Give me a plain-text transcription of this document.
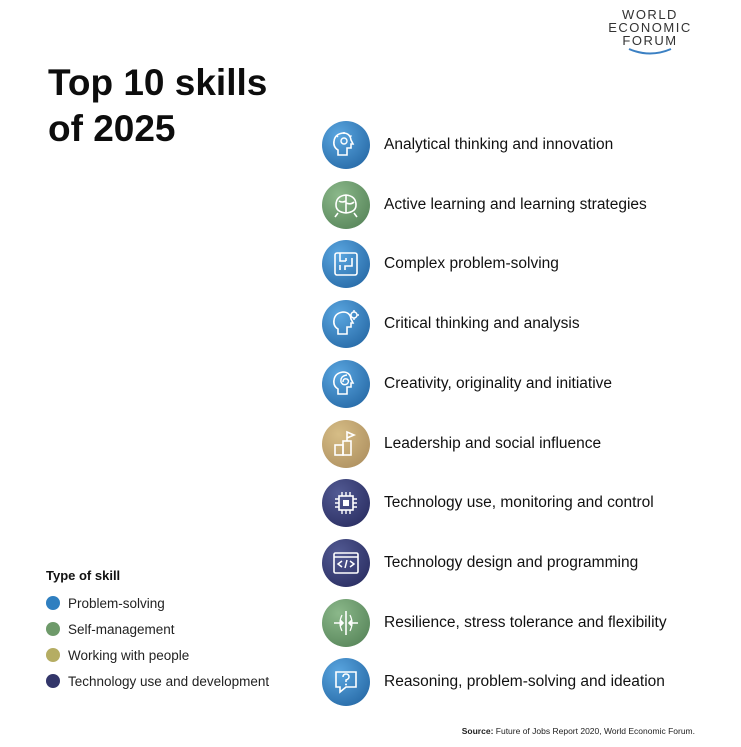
WORLD
ECONOMIC
FORUM
Top 10 skills
of 2025	Analytical thinking and innovation
Active learning and learning strategies
Complex problem-solving
Critical thinking and analysis
Creativity, originality and initiative
Leadership and social influence
Technology use, monitoring and control
Technology design and programming
Resilience, stress tolerance and flexibility
Reasoning, problem-solving and ideation
Type of skill
Problem-solving
Self-management
Working with people
Technology use and development
Source: Future of Jobs Report 2020, World Economic Forum.
